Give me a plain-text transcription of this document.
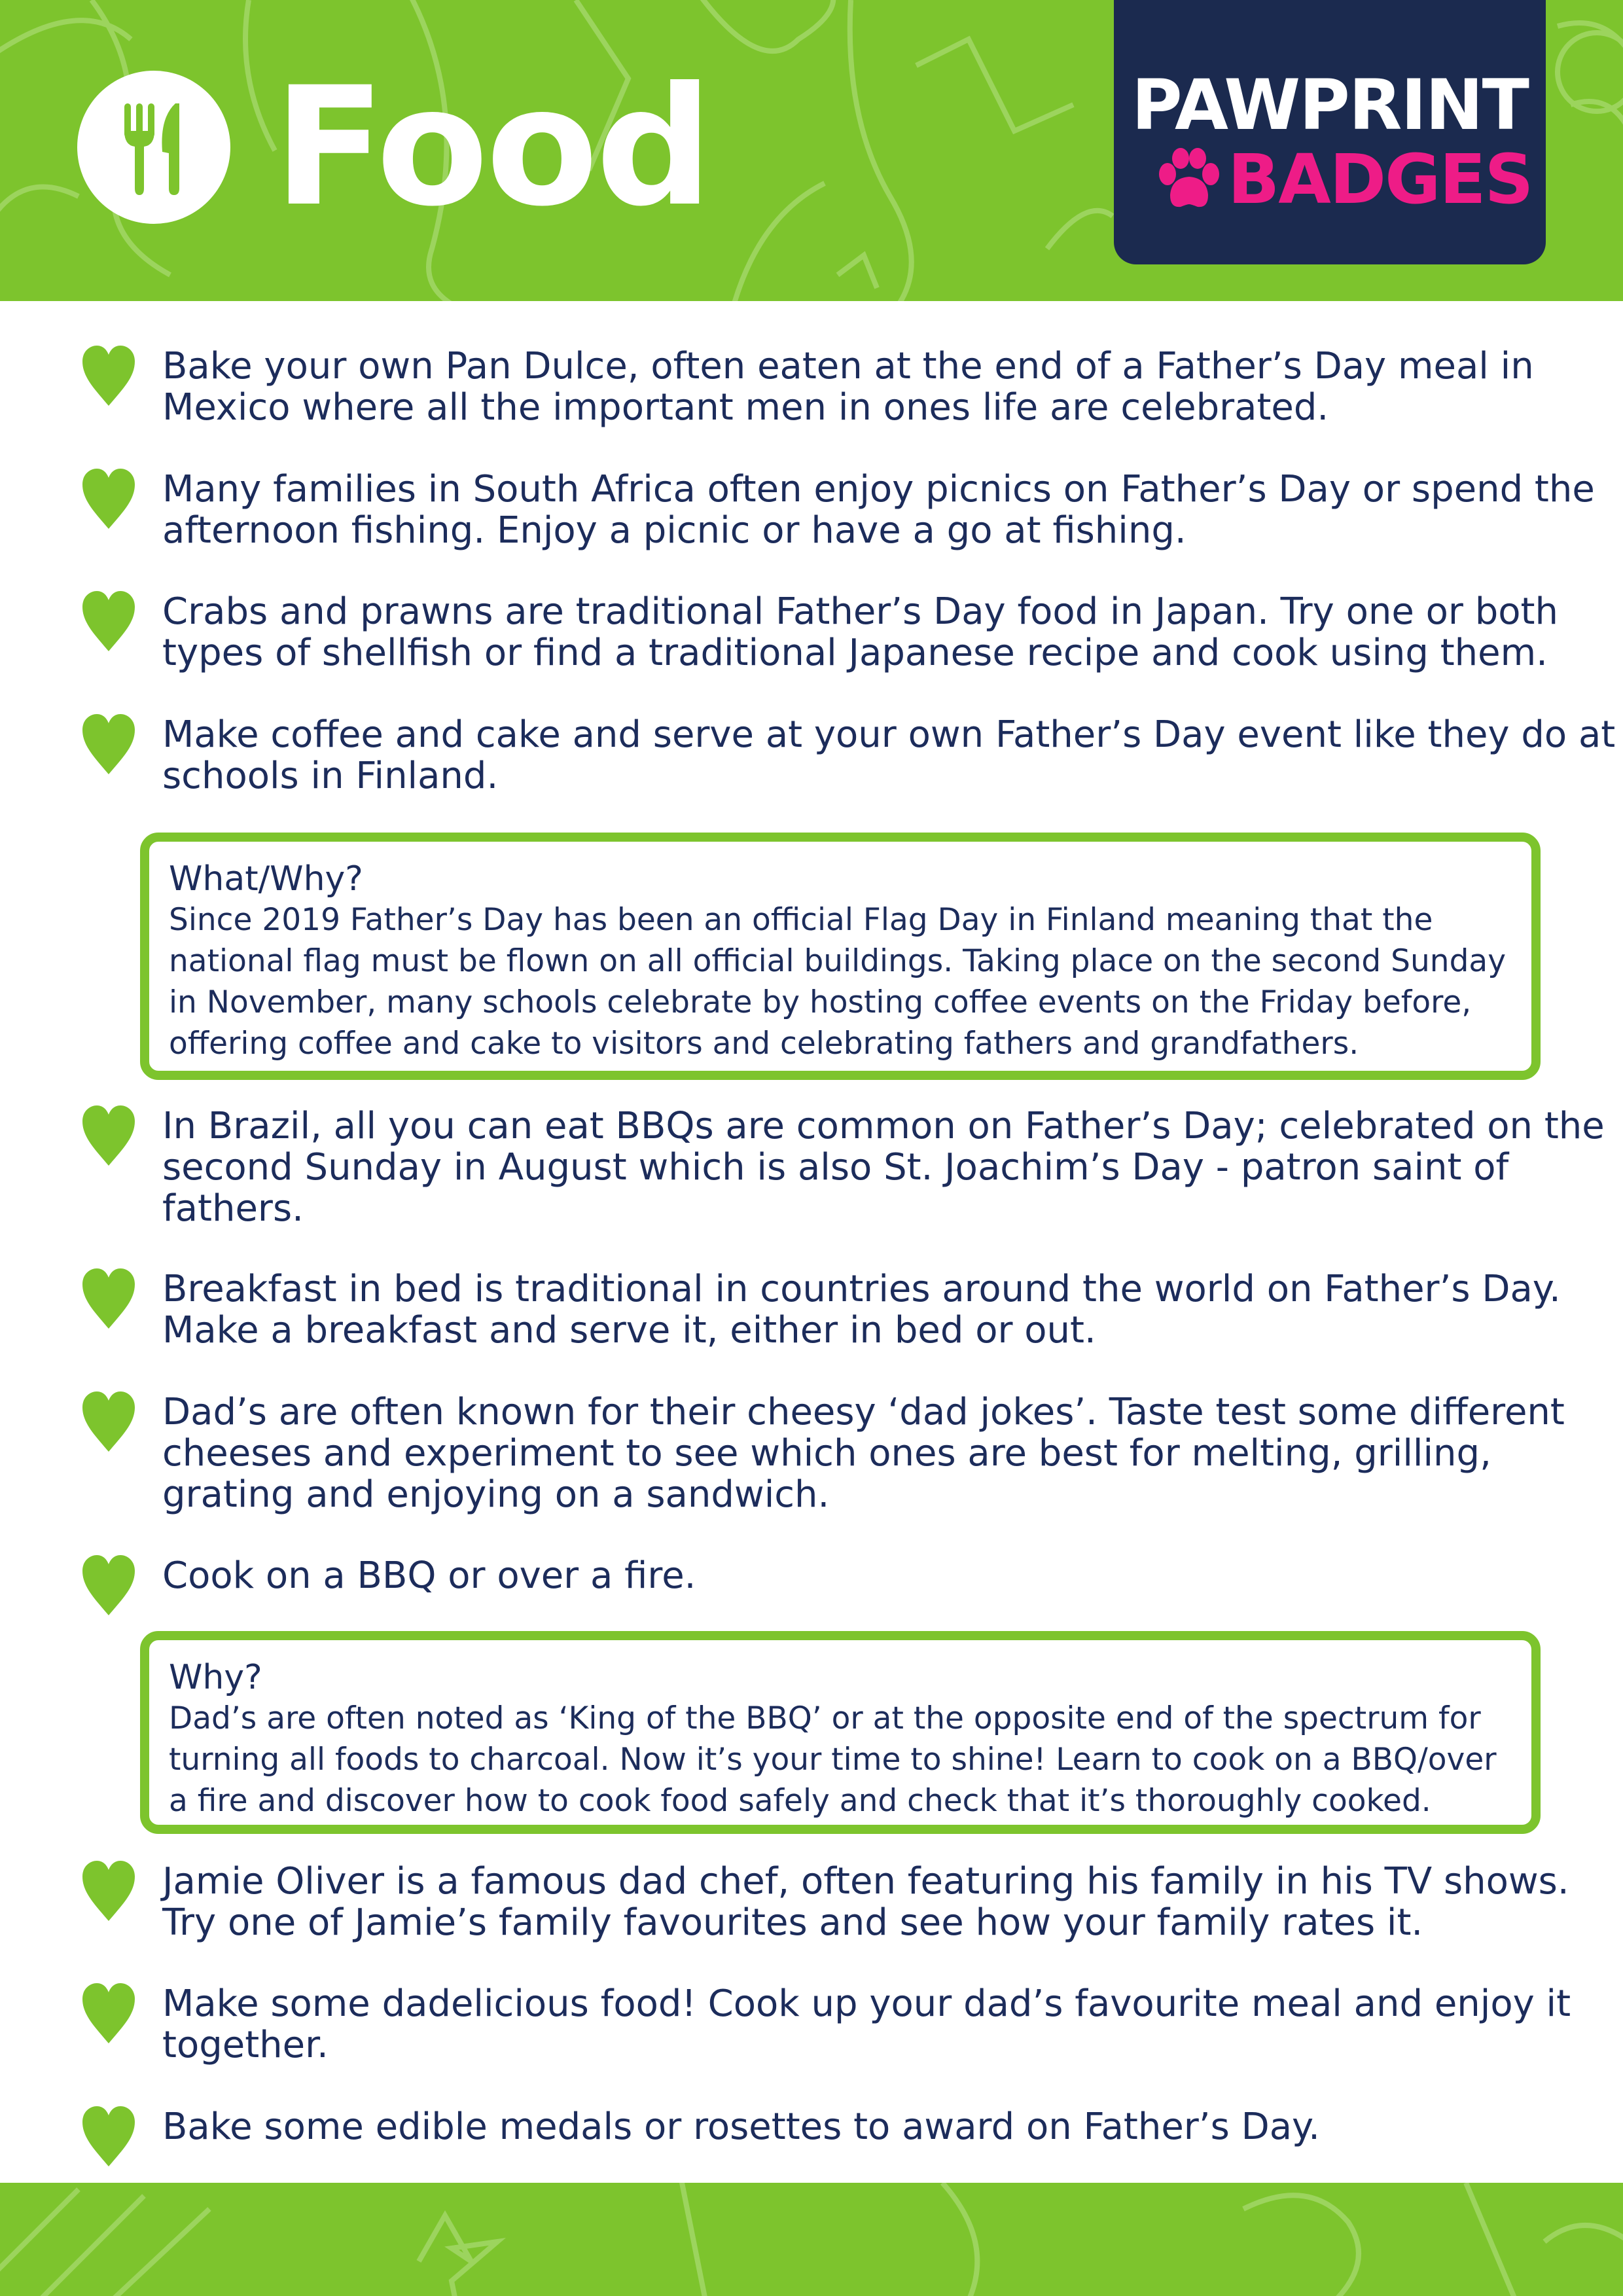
Food	PAWPRINT
BADGES
Bake your own Pan Dulce, often eaten at the end of a Father’s Day meal in Mexico where all the important men in ones life are celebrated.
Many families in South Africa often enjoy picnics on Father’s Day or spend the afternoon fishing. Enjoy a picnic or have a go at fishing.
Crabs and prawns are traditional Father’s Day food in Japan. Try one or both types of shellfish or find a traditional Japanese recipe and cook using them.
Make coffee and cake and serve at your own Father’s Day event like they do at schools in Finland.
What/Why?
Since 2019 Father’s Day has been an official Flag Day in Finland meaning that the national flag must be flown on all official buildings. Taking place on the second Sunday in November, many schools celebrate by hosting coffee events on the Friday before, offering coffee and cake to visitors and celebrating fathers and grandfathers.
In Brazil, all you can eat BBQs are common on Father’s Day; celebrated on the second Sunday in August which is also St. Joachim’s Day - patron saint of fathers.
Breakfast in bed is traditional in countries around the world on Father’s Day. Make a breakfast and serve it, either in bed or out.
Dad’s are often known for their cheesy ‘dad jokes’. Taste test some different cheeses and experiment to see which ones are best for melting, grilling, grating and enjoying on a sandwich.
Cook on a BBQ or over a fire.
Why?
Dad’s are often noted as ‘King of the BBQ’ or at the opposite end of the spectrum for turning all foods to charcoal. Now it’s your time to shine! Learn to cook on a BBQ/over a fire and discover how to cook food safely and check that it’s thoroughly cooked.
Jamie Oliver is a famous dad chef, often featuring his family in his TV shows. Try one of Jamie’s family favourites and see how your family rates it.
Make some dadelicious food! Cook up your dad’s favourite meal and enjoy it together.
Bake some edible medals or rosettes to award on Father’s Day.
